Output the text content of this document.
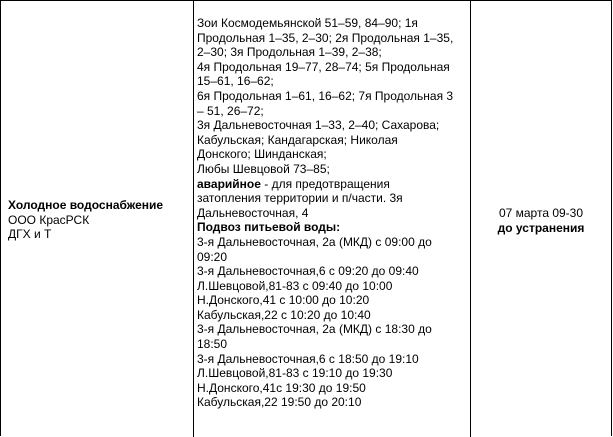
Холодное водоснабжение
ООО КрасРСК
ДГХ и Т
Зои Космодемьянской 51–59, 84–90; 1я
Продольная 1–35, 2–30; 2я Продольная 1–35,
2–30; 3я Продольная 1–39, 2–38;
4я Продольная 19–77, 28–74; 5я Продольная
15–61, 16–62;
6я Продольная 1–61, 16–62; 7я Продольная 3
– 51, 26–72;
3я Дальневосточная 1–33, 2–40; Сахарова;
Кабульская; Кандагарская; Николая
Донского; Шинданская;
Любы Шевцовой 73–85;
аварийное - для предотвращения
затопления территории и п/части. 3я
Дальневосточная, 4
Подвоз питьевой воды:
3-я Дальневосточная, 2а (МКД) с 09:00 до
09:20
3-я Дальневосточная,6 с 09:20 до 09:40
Л.Шевцовой,81-83 с 09:40 до 10:00
Н.Донского,41 с 10:00 до 10:20
Кабульская,22 с 10:20 до 10:40
3-я Дальневосточная, 2а (МКД) с 18:30 до
18:50
3-я Дальневосточная,6 с 18:50 до 19:10
Л.Шевцовой,81-83 с 19:10 до 19:30
Н.Донского,41с 19:30 до 19:50
Кабульская,22 19:50 до 20:10
07 марта 09-30
до устранения
